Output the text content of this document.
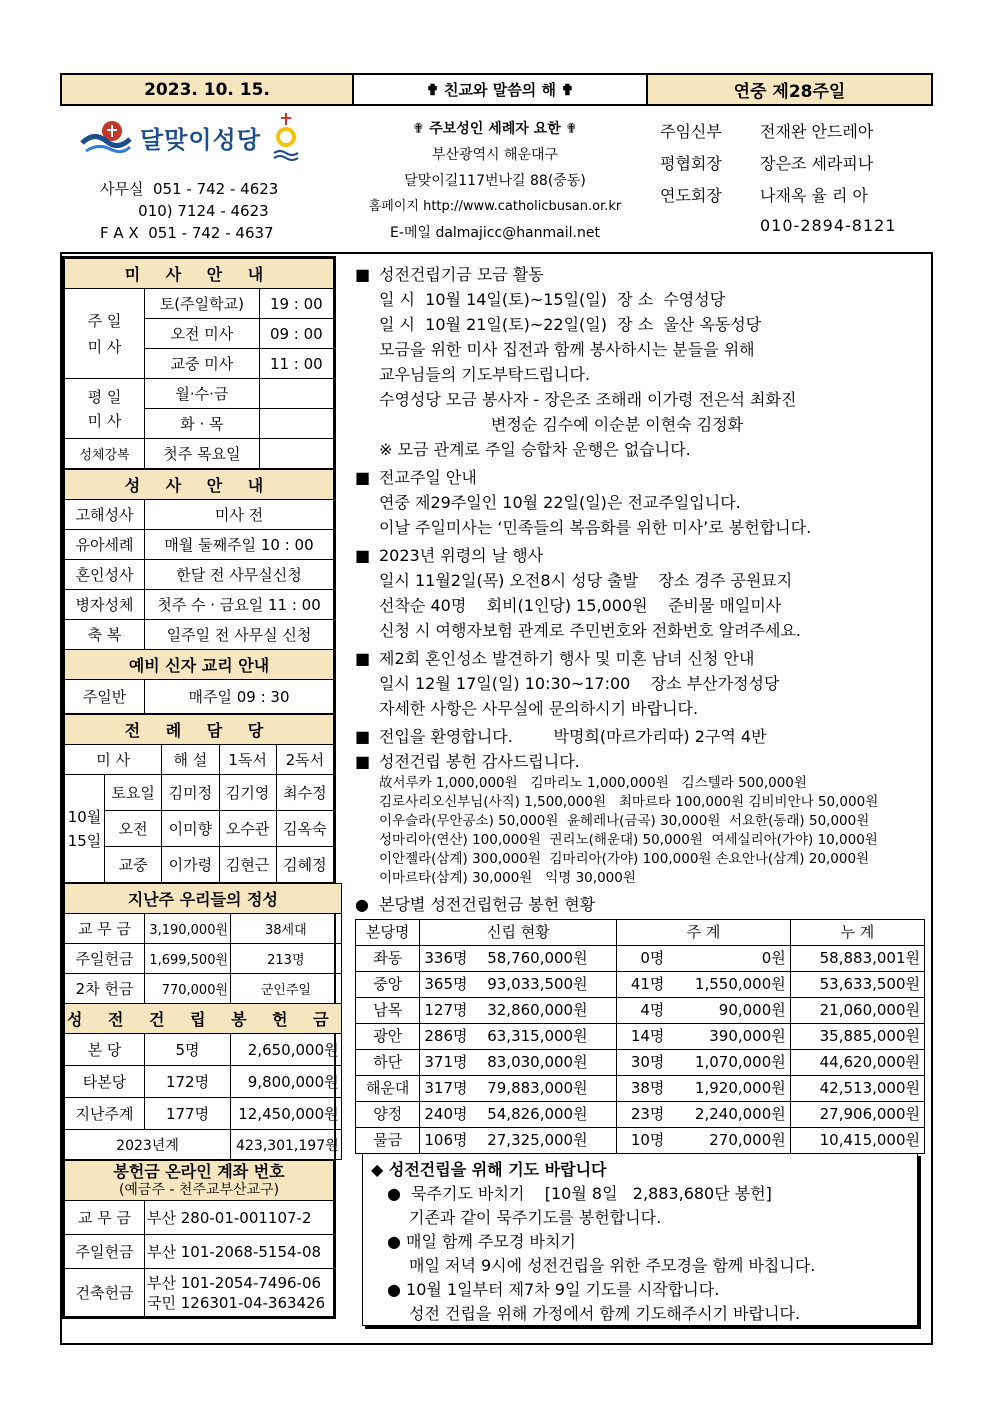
2023. 10. 15.	✟ 친교와 말씀의 해 ✟	연중 제28주일
달맞이성당
사무실  051 - 742 - 4623
010) 7124 - 4623
F A X  051 - 742 - 4637
✟ 주보성인 세례자 요한 ✟
부산광역시 해운대구
달맞이길117번나길 88(중동)
홈페이지 http://www.catholicbusan.or.kr
E-메일 dalmajicc@hanmail.net
주임신부	전재완 안드레아
평협회장	장은조 세라피나
연도회장	나재옥 율 리 아
010-2894-8121
미 사 안 내		
주 일
미 사	토(주일학교)	19 : 00
	오전 미사	09 : 00
	교중 미사	11 : 00
평 일
미 사	월·수·금	
	화 · 목	
성체강복	첫주 목요일	
성 사 안 내	
고해성사	미사 전
유아세례	매월 둘째주일 10 : 00
혼인성사	한달 전 사무실신청
병자성체	첫주 수 · 금요일 11 : 00
축 복	일주일 전 사무실 신청
예비 신자 교리 안내	
주일반	매주일 09 : 30
전 례 담 당				
미 사		해 설	1독서	2독서
10월
15일	토요일	김미정	김기영	최수정
	오전	이미향	오수관	김옥숙
	교중	이가령	김현근	김혜정
지난주 우리들의 정성		
교 무 금	3,190,000원	38세대
주일헌금	1,699,500원	213명
2차 헌금	770,000원	군인주일
성 전 건 립 봉 헌 금		
본 당	5명	2,650,000원
타본당	172명	9,800,000원
지난주계	177명	12,450,000원
2023년계		423,301,197원
봉헌금 온라인 계좌 번호
(예금주 - 천주교부산교구)	

교 무 금	부산 280-01-001107-2
주일헌금	부산 101-2068-5154-08
건축헌금	부산 101-2054-7496-06
국민 126301-04-363426
■ 성전건립기금 모금 활동
일 시  10월 14일(토)~15일(일)  장 소  수영성당
일 시  10월 21일(토)~22일(일)  장 소  울산 옥동성당
모금을 위한 미사 집전과 함께 봉사하시는 분들을 위해
교우님들의 기도부탁드립니다.
수영성당 모금 봉사자 - 장은조 조해래 이가령 전은석 최화진
변정순 김수예 이순분 이현숙 김정화
※ 모금 관계로 주일 승합차 운행은 없습니다.
■ 전교주일 안내
연중 제29주일인 10월 22일(일)은 전교주일입니다.
이날 주일미사는 ‘민족들의 복음화를 위한 미사’로 봉헌합니다.
■ 2023년 위령의 날 행사
일시 11월2일(목) 오전8시 성당 출발    장소 경주 공원묘지
선착순 40명    회비(1인당) 15,000원    준비물 매일미사
신청 시 여행자보험 관계로 주민번호와 전화번호 알려주세요.
■ 제2회 혼인성소 발견하기 행사 및 미혼 남녀 신청 안내
일시 12월 17일(일) 10:30~17:00    장소 부산가정성당
자세한 사항은 사무실에 문의하시기 바랍니다.
■ 전입을 환영합니다.        박명희(마르가리따) 2구역 4반
■ 성전건립 봉헌 감사드립니다.
故서루카 1,000,000원   김마리노 1,000,000원   김스텔라 500,000원
김로사리오신부님(사직) 1,500,000원   최마르타 100,000원 김비비안나 50,000원
이우슬라(무안공소) 50,000원  윤헤레나(금곡) 30,000원  서요한(동래) 50,000원
성마리아(연산) 100,000원  권리노(해운대) 50,000원  여세실리아(가야) 10,000원
이안젤라(삼계) 300,000원  김마리아(가야) 100,000원 손요안나(삼계) 20,000원
이마르타(삼계) 30,000원   익명 30,000원
● 본당별 성전건립헌금 봉헌 현황
본당명	신립 현황		주 계		누 계
좌동	336명	58,760,000원	0명	0원	58,883,001원
중앙	365명	93,033,500원	41명	1,550,000원	53,633,500원
남목	127명	32,860,000원	4명	90,000원	21,060,000원
광안	286명	63,315,000원	14명	390,000원	35,885,000원
하단	371명	83,030,000원	30명	1,070,000원	44,620,000원
해운대	317명	79,883,000원	38명	1,920,000원	42,513,000원
양정	240명	54,826,000원	23명	2,240,000원	27,906,000원
물금	106명	27,325,000원	10명	270,000원	10,415,000원
◆ 성전건립을 위해 기도 바랍니다
●  묵주기도 바치기    [10월 8일   2,883,680단 봉헌]
기존과 같이 묵주기도를 봉헌합니다.
● 매일 함께 주모경 바치기
매일 저녁 9시에 성전건립을 위한 주모경을 함께 바칩니다.
● 10월 1일부터 제7차 9일 기도를 시작합니다.
성전 건립을 위해 가정에서 함께 기도해주시기 바랍니다.
